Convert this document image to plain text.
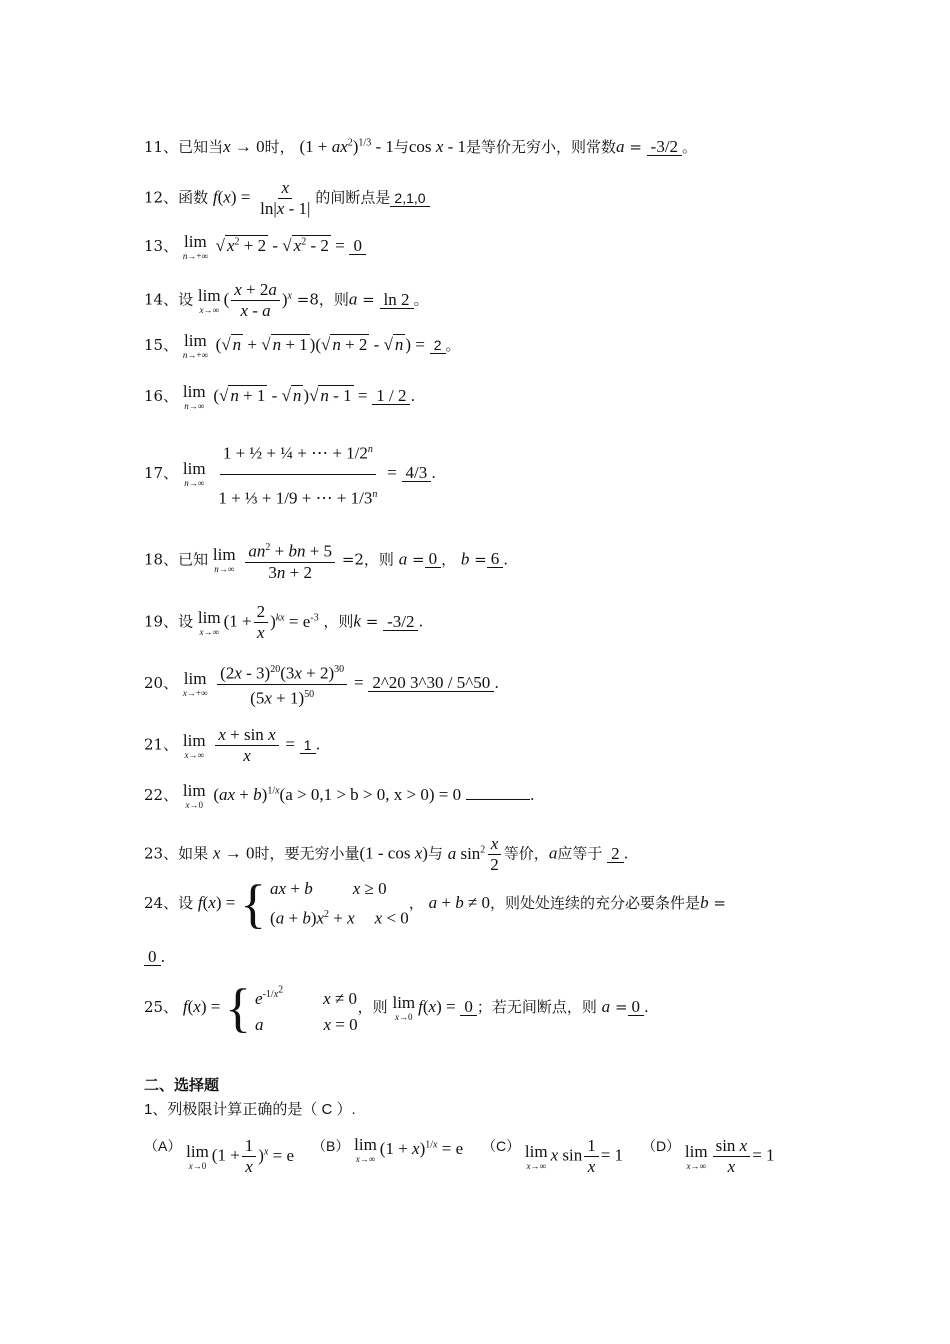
11、已知当x → 0时， $(1 + ax^2)^{1/3} - 1$与cos x - 1是等价无穷小，则常数a = -3/2 。
12、函数 $f(x) = \frac{x}{\ln|x - 1|}$ 的间断点是 2,1,0
13、 lim
n→+∞
√ $x^2 + 2$ - √ $x^2 - 2 = 0$
14、设 lim
x→∞
( $\frac{x + 2a}{x - a} )^x =8$，则a = ln 2 。
15、 lim
n→+∞
(√ n + √ n + 1 )(√ n + 2 - √ n ) = 2 。
16、 lim
n→∞
(√ n + 1 - √ n )√ n - 1 = 1 / 2 .
17、 lim
n→∞
$\frac{1 + \frac{1}{2} + \frac{1}{4} + \cdots + 1/2^n}{1 + \frac{1}{3} + 1/9 + \cdots + 1/3^n} = 4/3$ .
18、已知 lim
n→∞
$\frac{an^2 + bn + 5}{3n + 2} =2$，则 a = 0 ， b = 6 .
19、设 lim
x→∞
$(1 + \frac{2}{x} )^{kx} = e^{-3}$ ，则k = -3/2 .
20、 lim
x→+∞
$\frac{(2x - 3)^{20}(3x + 2)^{30}}{(5x + 1)^{50}}$ = 2^20 3^30 / 5^50 .
21、 lim
x→∞
$\frac{\text{x + sin x}}{x} = 1$ .
22、 lim
x→0
(ax + b)$^{1/x}$(a > 0,1 > b > 0, x > 0) = 0	.
23、如果 x → 0时，要无穷小量(1 - cos x)与 a $\sin^2 \frac{x}{2}$ 等价，a应等于 2 .
24、设 f(x) = { ax + b x ≥ 0
$(a + b)x^2 + x$ x < 0
， a + b ≠ 0，则处处连续的充分必要条件是b =
0 .
25、 f(x) = { $e^{-1/x^2}$ x ≠ 0
a	x = 0
，则 lim
x→0
f(x) = 0 ；若无间断点，则 a = 0 .
二、选择题
1、列极限计算正确的是（ C ）.
（A） lim
x→0
$(1 + \frac{1}{x} )^x = e$ （B） lim
x→∞
$(1 + x)^{1/x} = e$ （C） lim
x→∞
x $\sin \frac{1}{x} = 1$ （D） lim
$x\to\infty \frac{\text{sin x}}{x} = 1$
